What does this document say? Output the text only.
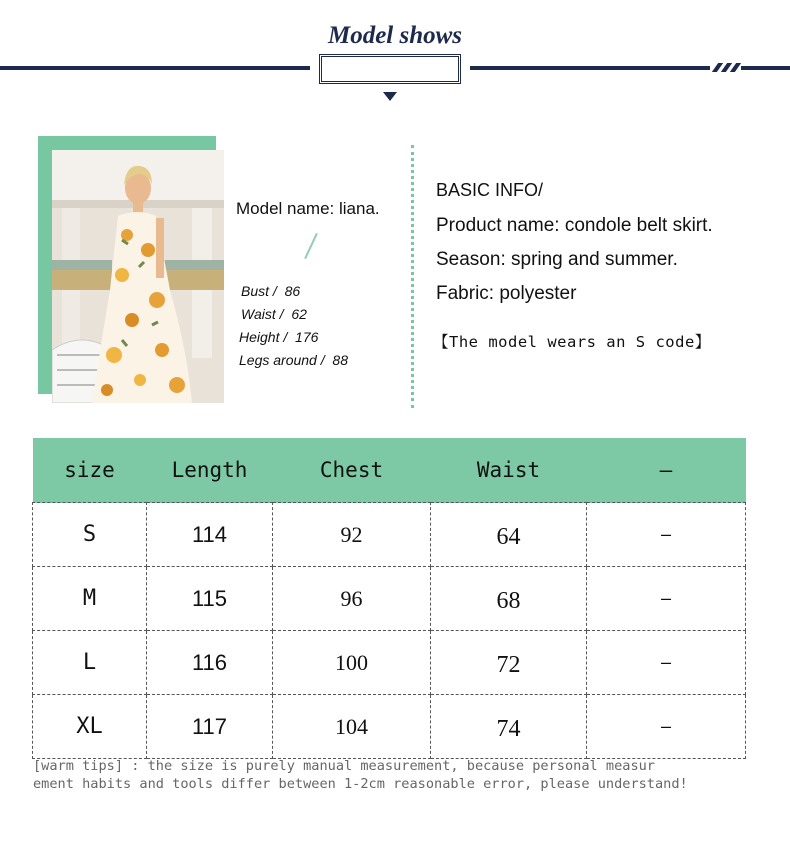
Model shows
Model name: liana.
Bust /  86
Waist /  62
Height /  176
Legs around /  88
BASIC INFO/
Product name: condole belt skirt.
Season: spring and summer.
Fabric: polyester
【The model wears an S code】
size	Length	Chest	Waist	–
S	114	92	64	–
M	115	96	68	–
L	116	100	72	–
XL	117	104	74	–
[warm tips] : the size is purely manual measurement, because personal measur
ement habits and tools differ between 1-2cm reasonable error, please understand!
